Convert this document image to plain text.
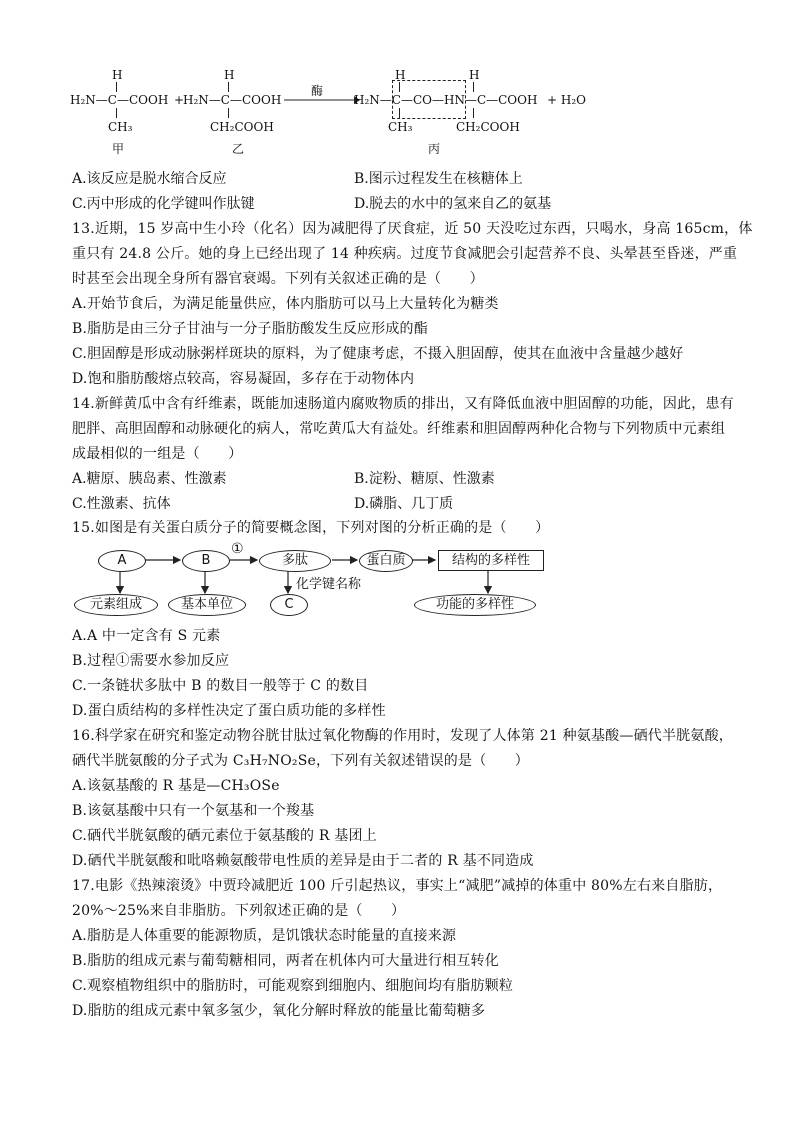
H
H₂N—C—COOH
CH₃
甲
+
H
H₂N—C—COOH
CH₂COOH
乙
酶
H	H
H₂N—C—CO—HN—C—COOH + H₂O
CH₃	CH₂COOH
丙
A.该反应是脱水缩合反应	B.图示过程发生在核糖体上
C.丙中形成的化学键叫作肽键	D.脱去的水中的氢来自乙的氨基
13.近期，15 岁高中生小玲（化名）因为减肥得了厌食症，近 50 天没吃过东西，只喝水，身高 165cm，体
重只有 24.8 公斤。她的身上已经出现了 14 种疾病。过度节食减肥会引起营养不良、头晕甚至昏迷，严重
时甚至会出现全身所有器官衰竭。下列有关叙述正确的是（　　）
A.开始节食后，为满足能量供应，体内脂肪可以马上大量转化为糖类
B.脂肪是由三分子甘油与一分子脂肪酸发生反应形成的酯
C.胆固醇是形成动脉粥样斑块的原料，为了健康考虑，不摄入胆固醇，使其在血液中含量越少越好
D.饱和脂肪酸熔点较高，容易凝固，多存在于动物体内
14.新鲜黄瓜中含有纤维素，既能加速肠道内腐败物质的排出，又有降低血液中胆固醇的功能，因此，患有
肥胖、高胆固醇和动脉硬化的病人，常吃黄瓜大有益处。纤维素和胆固醇两种化合物与下列物质中元素组
成最相似的一组是（　　）
A.糖原、胰岛素、性激素	B.淀粉、糖原、性激素
C.性激素、抗体	D.磷脂、几丁质
15.如图是有关蛋白质分子的简要概念图，下列对图的分析正确的是（　　）
A	B
①
多肽	蛋白质	结构的多样性
化学键名称
元素组成	基本单位	C	功能的多样性
A.A 中一定含有 S 元素
B.过程①需要水参加反应
C.一条链状多肽中 B 的数目一般等于 C 的数目
D.蛋白质结构的多样性决定了蛋白质功能的多样性
16.科学家在研究和鉴定动物谷胱甘肽过氧化物酶的作用时，发现了人体第 21 种氨基酸—硒代半胱氨酸，
硒代半胱氨酸的分子式为 C₃H₇NO₂Se，下列有关叙述错误的是（　　）
A.该氨基酸的 R 基是—CH₃OSe
B.该氨基酸中只有一个氨基和一个羧基
C.硒代半胱氨酸的硒元素位于氨基酸的 R 基团上
D.硒代半胱氨酸和吡咯赖氨酸带电性质的差异是由于二者的 R 基不同造成
17.电影《热辣滚烫》中贾玲减肥近 100 斤引起热议，事实上“减肥”减掉的体重中 80%左右来自脂肪，
20%～25%来自非脂肪。下列叙述正确的是（　　）
A.脂肪是人体重要的能源物质，是饥饿状态时能量的直接来源
B.脂肪的组成元素与葡萄糖相同，两者在机体内可大量进行相互转化
C.观察植物组织中的脂肪时，可能观察到细胞内、细胞间均有脂肪颗粒
D.脂肪的组成元素中氧多氢少，氧化分解时释放的能量比葡萄糖多
